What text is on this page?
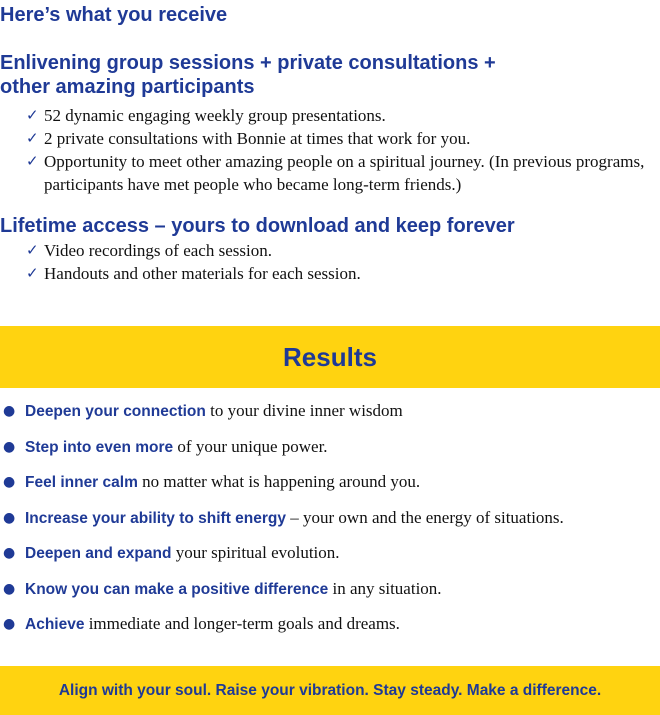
Here’s what you receive
Enlivening group sessions + private consultations + other amazing participants
✓ 52 dynamic engaging weekly group presentations.
✓ 2 private consultations with Bonnie at times that work for you.
✓ Opportunity to meet other amazing people on a spiritual journey. (In previous programs, participants have met people who became long-term friends.)
Lifetime access – yours to download and keep forever
✓ Video recordings of each session.
✓ Handouts and other materials for each session.
Results
● Deepen your connection to your divine inner wisdom
● Step into even more of your unique power.
● Feel inner calm no matter what is happening around you.
● Increase your ability to shift energy – your own and the energy of situations.
● Deepen and expand your spiritual evolution.
● Know you can make a positive difference in any situation.
● Achieve immediate and longer-term goals and dreams.
Align with your soul. Raise your vibration. Stay steady. Make a difference.
